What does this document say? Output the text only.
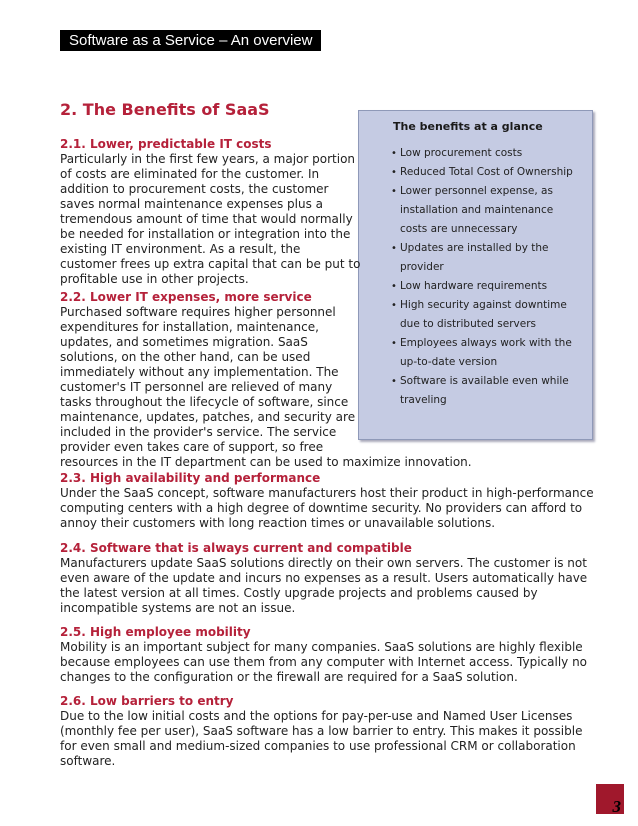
Software as a Service – An overview
2. The Benefits of SaaS
The benefits at a glance
• Low procurement costs
• Reduced Total Cost of Ownership
• Lower personnel expense, as
installation and maintenance
costs are unnecessary
• Updates are installed by the
provider
• Low hardware requirements
• High security against downtime
due to distributed servers
• Employees always work with the
up-to-date version
• Software is available even while
traveling

2.1. Lower, predictable IT costs

Particularly in the first few years, a major portion

of costs are eliminated for the customer. In

addition to procurement costs, the customer

saves normal maintenance expenses plus a

tremendous amount of time that would normally

be needed for installation or integration into the

existing IT environment. As a result, the

customer frees up extra capital that can be put to

profitable use in other projects.

2.2. Lower IT expenses, more service

Purchased software requires higher personnel

expenditures for installation, maintenance,

updates, and sometimes migration. SaaS

solutions, on the other hand, can be used

immediately without any implementation. The

customer's IT personnel are relieved of many

tasks throughout the lifecycle of software, since

maintenance, updates, patches, and security are

included in the provider's service. The service

provider even takes care of support, so free

resources in the IT department can be used to maximize innovation.

2.3. High availability and performance

Under the SaaS concept, software manufacturers host their product in high-performance

computing centers with a high degree of downtime security. No providers can afford to

annoy their customers with long reaction times or unavailable solutions.

2.4. Software that is always current and compatible

Manufacturers update SaaS solutions directly on their own servers. The customer is not

even aware of the update and incurs no expenses as a result. Users automatically have

the latest version at all times. Costly upgrade projects and problems caused by

incompatible systems are not an issue.

2.5. High employee mobility

Mobility is an important subject for many companies. SaaS solutions are highly flexible

because employees can use them from any computer with Internet access. Typically no

changes to the configuration or the firewall are required for a SaaS solution.

2.6. Low barriers to entry

Due to the low initial costs and the options for pay-per-use and Named User Licenses

(monthly fee per user), SaaS software has a low barrier to entry. This makes it possible

for even small and medium-sized companies to use professional CRM or collaboration

software.

3
